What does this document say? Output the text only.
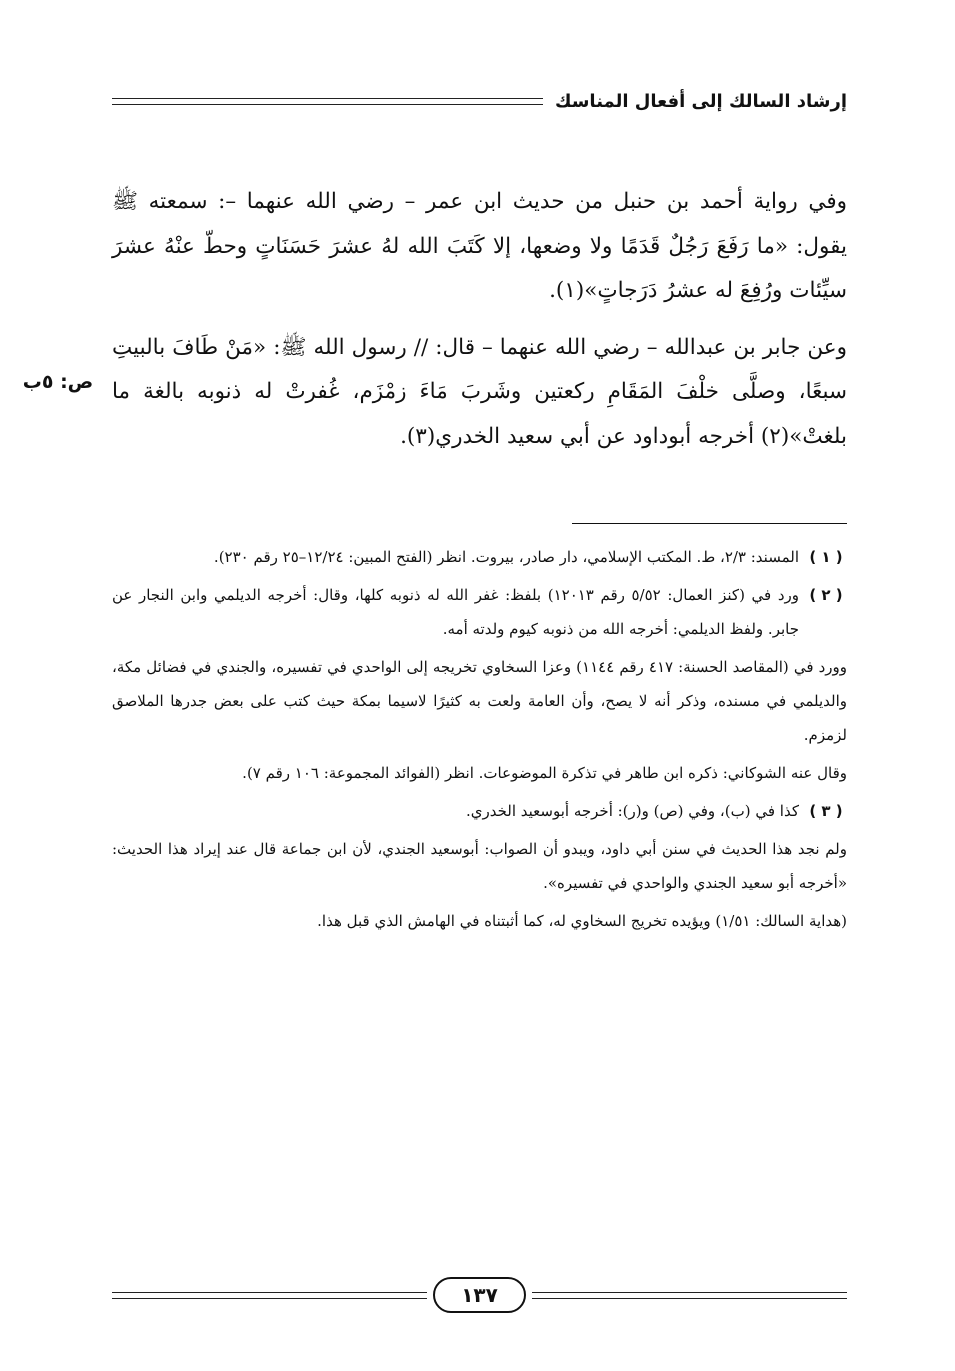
إرشاد السالك إلى أفعال المناسك

وفي رواية أحمد بن حنبل من حديث ابن عمر – رضي الله عنهما –: سمعته ﷺ يقول: «ما رَفَعَ رَجُلٌ قَدَمًا ولا وضعها، إلا كَتَبَ الله لهُ عشرَ حَسَنَاتٍ وحطّ عنْهُ عشرَ سيِّئات ورُفِعَ له عشرُ دَرَجاتٍ»(١).

وعن جابر بن عبدالله – رضي الله عنهما – قال: // رسول الله ﷺ: «مَنْ طَافَ بالبيتِ سبعًا، وصلَّى خلْفَ المَقَامِ ركعتين وشَربَ مَاءَ زمْزَم، غُفرتْ له ذنوبه بالغة ما بلغتْ»(٢) أخرجه أبوداود عن أبي سعيد الخدري(٣).

ص: ٥ب
( ١ )
المسند: ٢/٣، ط. المكتب الإسلامي، دار صادر، بيروت. انظر (الفتح المبين: ١٢/٢٤–٢٥ رقم ٢٣٠).
( ٢ )
ورد في (كنز العمال: ٥/٥٢ رقم ١٢٠١٣) بلفظ: غفر الله له ذنوبه كلها، وقال: أخرجه الديلمي وابن النجار عن جابر. ولفظ الديلمي: أخرجه الله من ذنوبه كيوم ولدته أمه.
وورد في (المقاصد الحسنة: ٤١٧ رقم ١١٤٤) وعزا السخاوي تخريجه إلى الواحدي في تفسيره، والجندي في فضائل مكة، والديلمي في مسنده، وذكر أنه لا يصح، وأن العامة ولعت به كثيرًا لاسيما بمكة حيث كتب على بعض جدرها الملاصق لزمزم.
وقال عنه الشوكاني: ذكره ابن طاهر في تذكرة الموضوعات. انظر (الفوائد المجموعة: ١٠٦ رقم ٧).
( ٣ )
كذا في (ب)، وفي (ص) و(ر): أخرجه أبوسعيد الخدري.
ولم نجد هذا الحديث في سنن أبي داود، ويبدو أن الصواب: أبوسعيد الجندي، لأن ابن جماعة قال عند إيراد هذا الحديث: «أخرجه أبو سعيد الجندي والواحدي في تفسيره».
(هداية السالك: ١/٥١) ويؤيده تخريج السخاوي له، كما أثبتناه في الهامش الذي قبل هذا.
١٣٧
